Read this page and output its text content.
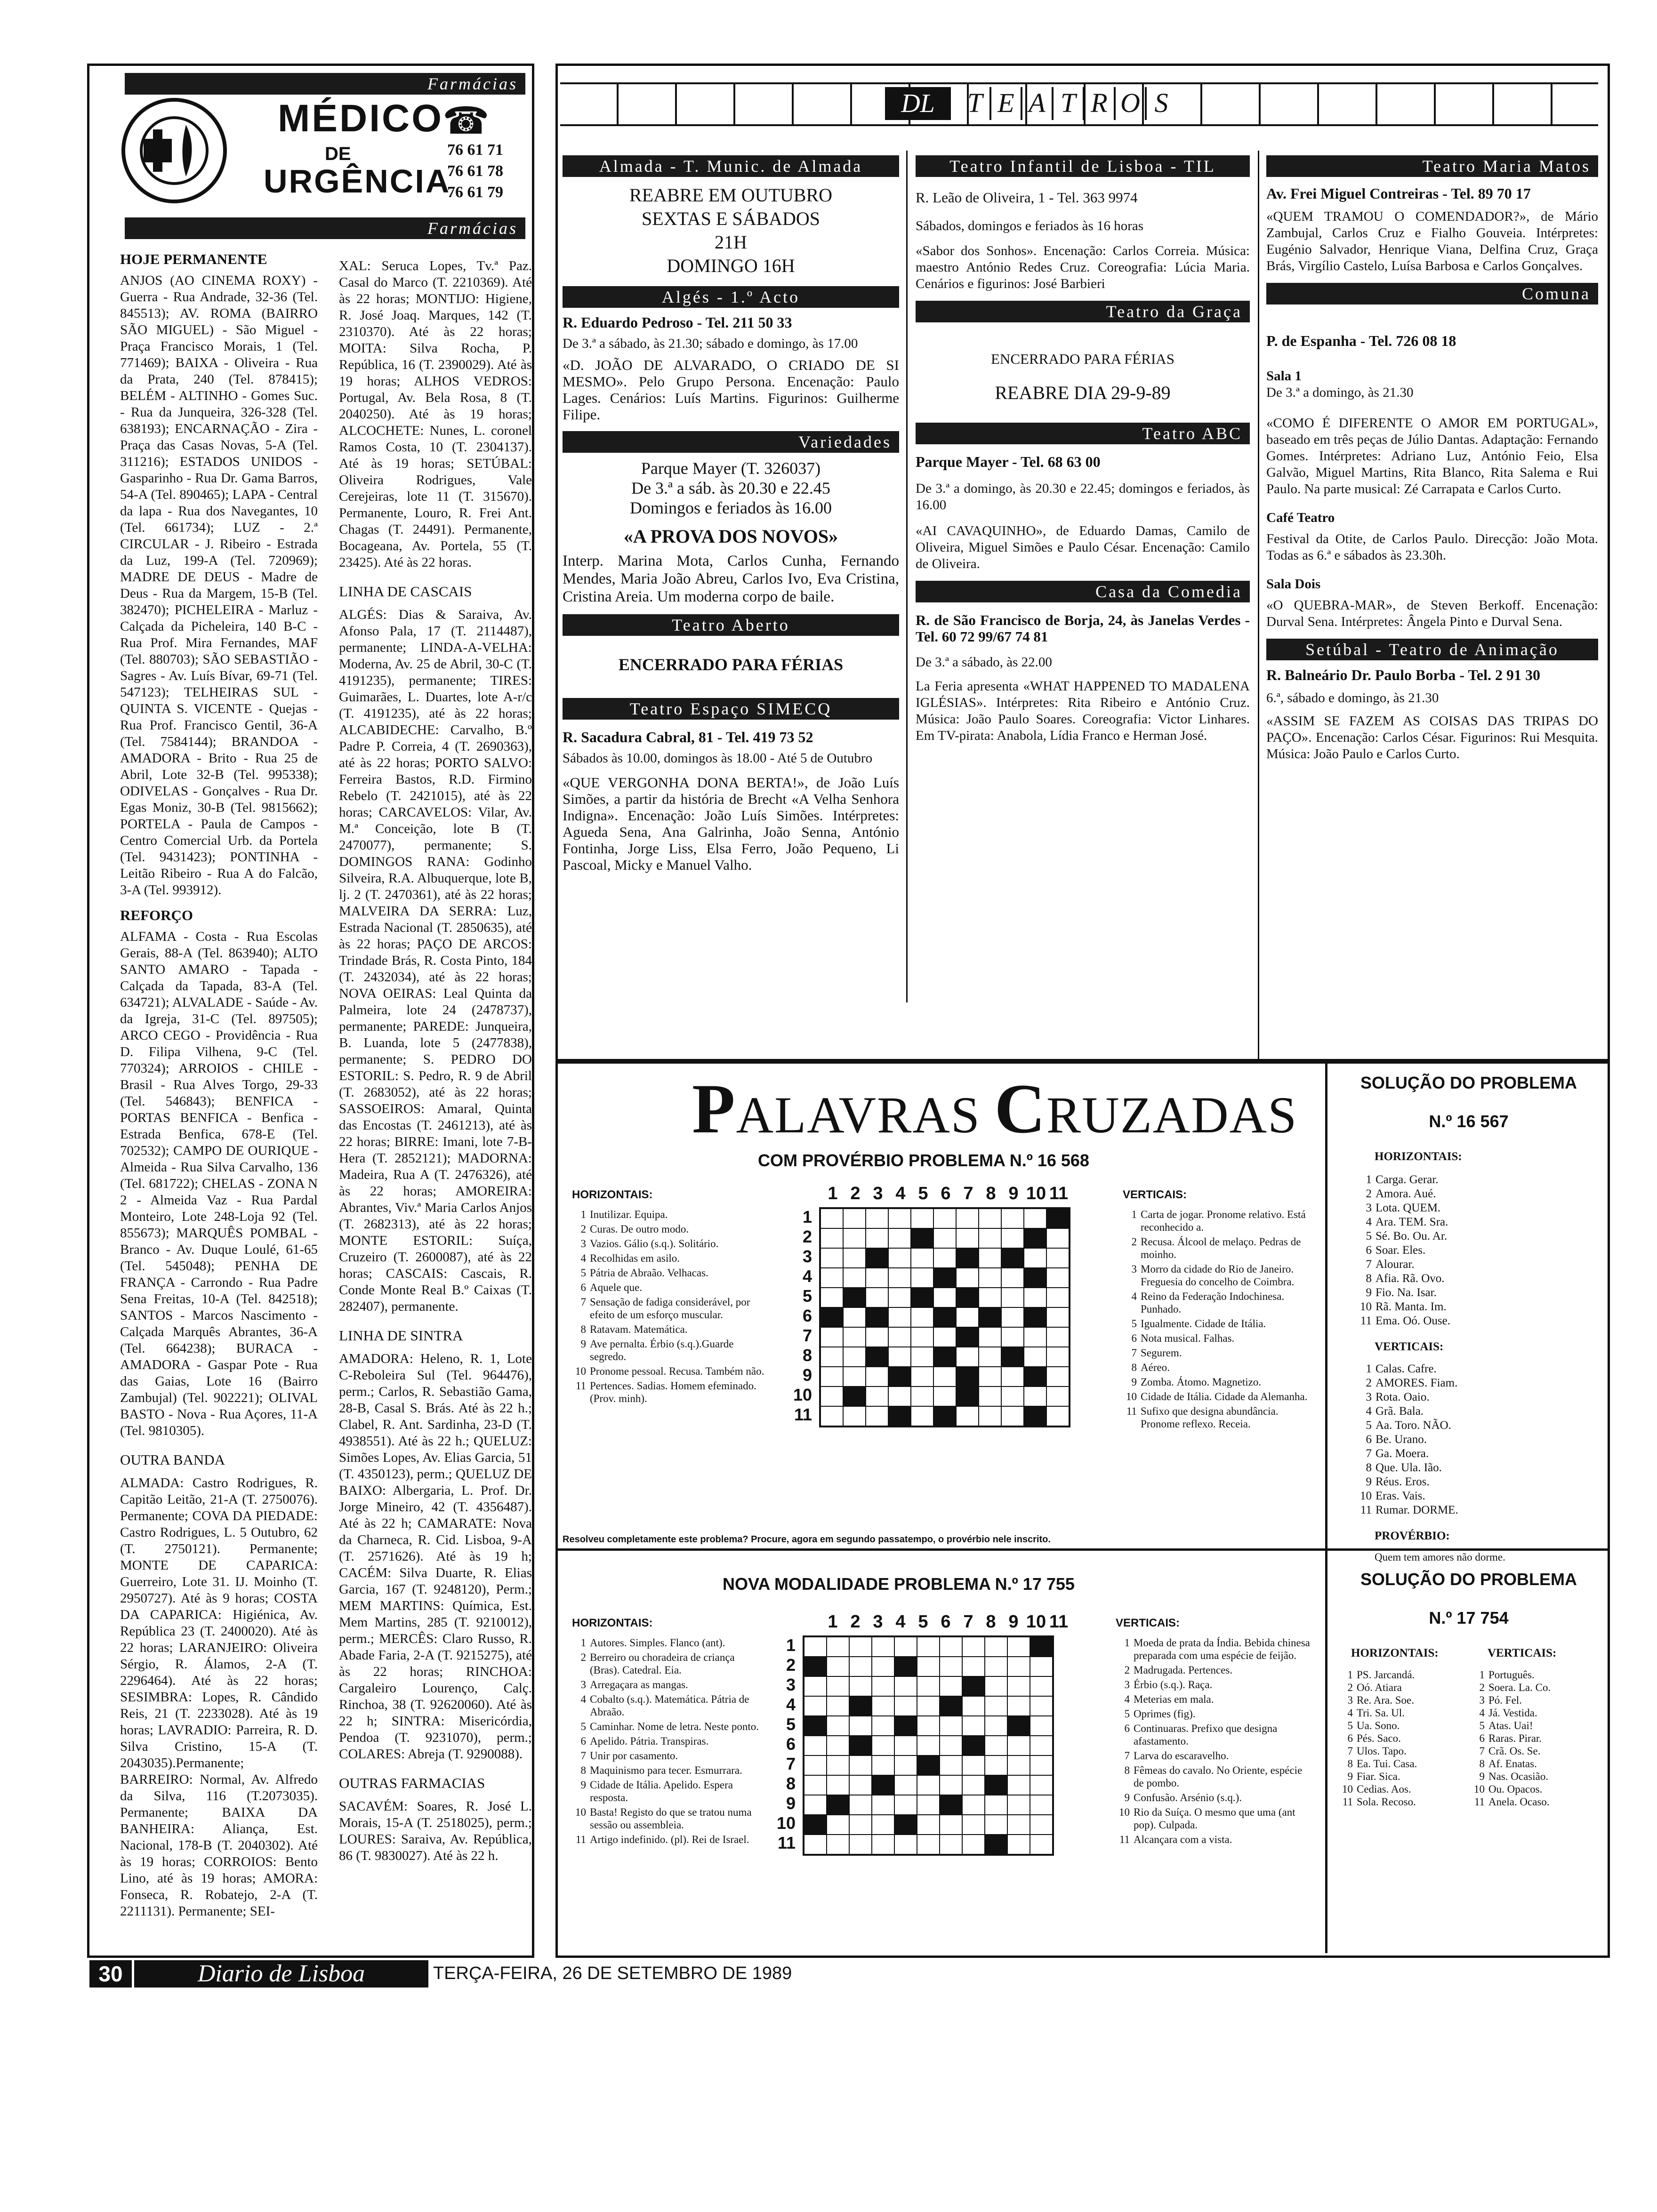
Farmácias
MÉDICO
☎
DE
URGÊNCIA
76 61 71
76 61 78
76 61 79
Farmácias
HOJE PERMANENTE

ANJOS (AO CINEMA ROXY) - Guerra - Rua Andrade, 32-36 (Tel. 845513); AV. ROMA (BAIRRO SÃO MIGUEL) - São Miguel - Praça Francisco Morais, 1 (Tel. 771469); BAIXA - Oliveira - Rua da Prata, 240 (Tel. 878415); BELÉM - ALTINHO - Gomes Suc. - Rua da Junqueira, 326-328 (Tel. 638193); ENCARNAÇÃO - Zira - Praça das Casas Novas, 5-A (Tel. 311216); ESTADOS UNIDOS - Gasparinho - Rua Dr. Gama Barros, 54-A (Tel. 890465); LAPA - Central da lapa - Rua dos Navegantes, 10 (Tel. 661734); LUZ - 2.ª CIRCULAR - J. Ribeiro - Estrada da Luz, 199-A (Tel. 720969); MADRE DE DEUS - Madre de Deus - Rua da Margem, 15-B (Tel. 382470); PICHELEIRA - Marluz - Calçada da Picheleira, 140 B-C - Rua Prof. Mira Fernandes, MAF (Tel. 880703); SÃO SEBASTIÃO - Sagres - Av. Luís Bívar, 69-71 (Tel. 547123); TELHEIRAS SUL - QUINTA S. VICENTE - Quejas - Rua Prof. Francisco Gentil, 36-A (Tel. 7584144); BRANDOA - AMADORA - Brito - Rua 25 de Abril, Lote 32-B (Tel. 995338); ODIVELAS - Gonçalves - Rua Dr. Egas Moniz, 30-B (Tel. 9815662); PORTELA - Paula de Campos - Centro Comercial Urb. da Portela (Tel. 9431423); PONTINHA - Leitão Ribeiro - Rua A do Falcão, 3-A (Tel. 993912).

REFORÇO

ALFAMA - Costa - Rua Escolas Gerais, 88-A (Tel. 863940); ALTO SANTO AMARO - Tapada - Calçada da Tapada, 83-A (Tel. 634721); ALVALADE - Saúde - Av. da Igreja, 31-C (Tel. 897505); ARCO CEGO - Providência - Rua D. Filipa Vilhena, 9-C (Tel. 770324); ARROIOS - CHILE - Brasil - Rua Alves Torgo, 29-33 (Tel. 546843); BENFICA - PORTAS BENFICA - Benfica - Estrada Benfica, 678-E (Tel. 702532); CAMPO DE OURIQUE - Almeida - Rua Silva Carvalho, 136 (Tel. 681722); CHELAS - ZONA N 2 - Almeida Vaz - Rua Pardal Monteiro, Lote 248-Loja 92 (Tel. 855673); MARQUÊS POMBAL - Branco - Av. Duque Loulé, 61-65 (Tel. 545048); PENHA DE FRANÇA - Carrondo - Rua Padre Sena Freitas, 10-A (Tel. 842518); SANTOS - Marcos Nascimento - Calçada Marquês Abrantes, 36-A (Tel. 664238); BURACA - AMADORA - Gaspar Pote - Rua das Gaias, Lote 16 (Bairro Zambujal) (Tel. 902221); OLIVAL BASTO - Nova - Rua Açores, 11-A (Tel. 9810305).

OUTRA BANDA

ALMADA: Castro Rodrigues, R. Capitão Leitão, 21-A (T. 2750076). Permanente; COVA DA PIEDADE: Castro Rodrigues, L. 5 Outubro, 62 (T. 2750121). Permanente; MONTE DE CAPARICA: Guerreiro, Lote 31. IJ. Moinho (T. 2950727). Até às 9 horas; COSTA DA CAPARICA: Higiénica, Av. República 23 (T. 2400020). Até às 22 horas; LARANJEIRO: Oliveira Sérgio, R. Álamos, 2-A (T. 2296464). Até às 22 horas; SESIMBRA: Lopes, R. Cândido Reis, 21 (T. 2233028). Até às 19 horas; LAVRADIO: Parreira, R. D. Silva Cristino, 15-A (T. 2043035).Permanente; BARREIRO: Normal, Av. Alfredo da Silva, 116 (T.2073035). Permanente; BAIXA DA BANHEIRA: Aliança, Est. Nacional, 178-B (T. 2040302). Até às 19 horas; CORROIOS: Bento Lino, até às 19 horas; AMORA: Fonseca, R. Robatejo, 2-A (T. 2211131). Permanente; SEI-

XAL: Seruca Lopes, Tv.ª Paz. Casal do Marco (T. 2210369). Até às 22 horas; MONTIJO: Higiene, R. José Joaq. Marques, 142 (T. 2310370). Até às 22 horas; MOITA: Silva Rocha, P. República, 16 (T. 2390029). Até às 19 horas; ALHOS VEDROS: Portugal, Av. Bela Rosa, 8 (T. 2040250). Até às 19 horas; ALCOCHETE: Nunes, L. coronel Ramos Costa, 10 (T. 2304137). Até às 19 horas; SETÚBAL: Oliveira Rodrigues, Vale Cerejeiras, lote 11 (T. 315670). Permanente, Louro, R. Frei Ant. Chagas (T. 24491). Permanente, Bocageana, Av. Portela, 55 (T. 23425). Até às 22 horas.

LINHA DE CASCAIS

ALGÉS: Dias & Saraiva, Av. Afonso Pala, 17 (T. 2114487), permanente; LINDA-A-VELHA: Moderna, Av. 25 de Abril, 30-C (T. 4191235), permanente; TIRES: Guimarães, L. Duartes, lote A-r/c (T. 4191235), até às 22 horas; ALCABIDECHE: Carvalho, B.º Padre P. Correia, 4 (T. 2690363), até às 22 horas; PORTO SALVO: Ferreira Bastos, R.D. Firmino Rebelo (T. 2421015), até às 22 horas; CARCAVELOS: Vilar, Av. M.ª Conceição, lote B (T. 2470077), permanente; S. DOMINGOS RANA: Godinho Silveira, R.A. Albuquerque, lote B, lj. 2 (T. 2470361), até às 22 horas; MALVEIRA DA SERRA: Luz, Estrada Nacional (T. 2850635), até às 22 horas; PAÇO DE ARCOS: Trindade Brás, R. Costa Pinto, 184 (T. 2432034), até às 22 horas; NOVA OEIRAS: Leal Quinta da Palmeira, lote 24 (2478737), permanente; PAREDE: Junqueira, B. Luanda, lote 5 (2477838), permanente; S. PEDRO DO ESTORIL: S. Pedro, R. 9 de Abril (T. 2683052), até às 22 horas; SASSOEIROS: Amaral, Quinta das Encostas (T. 2461213), até às 22 horas; BIRRE: Imani, lote 7-B-Hera (T. 2852121); MADORNA: Madeira, Rua A (T. 2476326), até às 22 horas; AMOREIRA: Abrantes, Viv.ª Maria Carlos Anjos (T. 2682313), até às 22 horas; MONTE ESTORIL: Suíça, Cruzeiro (T. 2600087), até às 22 horas; CASCAIS: Cascais, R. Conde Monte Real B.º Caixas (T. 282407), permanente.

LINHA DE SINTRA

AMADORA: Heleno, R. 1, Lote C-Reboleira Sul (Tel. 964476), perm.; Carlos, R. Sebastião Gama, 28-B, Casal S. Brás. Até às 22 h.; Clabel, R. Ant. Sardinha, 23-D (T. 4938551). Até às 22 h.; QUELUZ: Simões Lopes, Av. Elias Garcia, 51 (T. 4350123), perm.; QUELUZ DE BAIXO: Albergaria, L. Prof. Dr. Jorge Mineiro, 42 (T. 4356487). Até às 22 h; CAMARATE: Nova da Charneca, R. Cid. Lisboa, 9-A (T. 2571626). Até às 19 h; CACÉM: Silva Duarte, R. Elias Garcia, 167 (T. 9248120), Perm.; MEM MARTINS: Química, Est. Mem Martins, 285 (T. 9210012), perm.; MERCÊS: Claro Russo, R. Abade Faria, 2-A (T. 9215275), até às 22 horas; RINCHOA: Cargaleiro Lourenço, Calç. Rinchoa, 38 (T. 92620060). Até às 22 h; SINTRA: Misericórdia, Pendoa (T. 9231070), perm.; COLARES: Abreja (T. 9290088).

OUTRAS FARMACIAS

SACAVÉM: Soares, R. José L. Morais, 15-A (T. 2518025), perm.; LOURES: Saraiva, Av. República, 86 (T. 9830027). Até às 22 h.

DL	T E A T R O S
Almada - T. Munic. de Almada
REABRE EM OUTUBRO
SEXTAS E SÁBADOS
21H
DOMINGO 16H
Algés - 1.º Acto

R. Eduardo Pedroso - Tel. 211 50 33

De 3.ª a sábado, às 21.30; sábado e domingo, às 17.00

«D. JOÃO DE ALVARADO, O CRIADO DE SI MESMO». Pelo Grupo Persona. Encenação: Paulo Lages. Cenários: Luís Martins. Figurinos: Guilherme Filipe.

Variedades
Parque Mayer (T. 326037)
De 3.ª a sáb. às 20.30 e 22.45
Domingos e feriados às 16.00
«A PROVA DOS NOVOS»

Interp. Marina Mota, Carlos Cunha, Fernando Mendes, Maria João Abreu, Carlos Ivo, Eva Cristina, Cristina Areia. Um moderna corpo de baile.

Teatro Aberto
ENCERRADO PARA FÉRIAS
Teatro Espaço SIMECQ

R. Sacadura Cabral, 81 - Tel. 419 73 52

Sábados às 10.00, domingos às 18.00 - Até 5 de Outubro

«QUE VERGONHA DONA BERTA!», de João Luís Simões, a partir da história de Brecht «A Velha Senhora Indigna». Encenação: João Luís Simões. Intérpretes: Agueda Sena, Ana Galrinha, João Senna, António Fontinha, Jorge Liss, Elsa Ferro, João Pequeno, Li Pascoal, Micky e Manuel Valho.

Teatro Infantil de Lisboa - TIL

R. Leão de Oliveira, 1 - Tel. 363 9974

Sábados, domingos e feriados às 16 horas

«Sabor dos Sonhos». Encenação: Carlos Correia. Música: maestro António Redes Cruz. Coreografia: Lúcia Maria. Cenários e figurinos: José Barbieri

Teatro da Graça
ENCERRADO PARA FÉRIAS
REABRE DIA 29-9-89
Teatro ABC

Parque Mayer - Tel. 68 63 00

De 3.ª a domingo, às 20.30 e 22.45; domingos e feriados, às 16.00

«AI CAVAQUINHO», de Eduardo Damas, Camilo de Oliveira, Miguel Simões e Paulo César. Encenação: Camilo de Oliveira.

Casa da Comedia

R. de São Francisco de Borja, 24, às Janelas Verdes - Tel. 60 72 99/67 74 81

De 3.ª a sábado, às 22.00

La Feria apresenta «WHAT HAPPENED TO MADALENA IGLÉSIAS». Intérpretes: Rita Ribeiro e António Cruz. Música: João Paulo Soares. Coreografia: Victor Linhares. Em TV-pirata: Anabola, Lídia Franco e Herman José.

Teatro Maria Matos

Av. Frei Miguel Contreiras - Tel. 89 70 17

«QUEM TRAMOU O COMENDADOR?», de Mário Zambujal, Carlos Cruz e Fialho Gouveia. Intérpretes: Eugénio Salvador, Henrique Viana, Delfina Cruz, Graça Brás, Virgílio Castelo, Luísa Barbosa e Carlos Gonçalves.

Comuna

P. de Espanha - Tel. 726 08 18

Sala 1

De 3.ª a domingo, às 21.30

«COMO É DIFERENTE O AMOR EM PORTUGAL», baseado em três peças de Júlio Dantas. Adaptação: Fernando Gomes. Intérpretes: Adriano Luz, António Feio, Elsa Galvão, Miguel Martins, Rita Blanco, Rita Salema e Rui Paulo. Na parte musical: Zé Carrapata e Carlos Curto.

Café Teatro

Festival da Otite, de Carlos Paulo. Direcção: João Mota. Todas as 6.ª e sábados às 23.30h.

Sala Dois

«O QUEBRA-MAR», de Steven Berkoff. Encenação: Durval Sena. Intérpretes: Ângela Pinto e Durval Sena.

Setúbal - Teatro de Animação

R. Balneário Dr. Paulo Borba - Tel. 2 91 30

6.ª, sábado e domingo, às 21.30

«ASSIM SE FAZEM AS COISAS DAS TRIPAS DO PAÇO». Encenação: Carlos César. Figurinos: Rui Mesquita. Música: João Paulo e Carlos Curto.

PALAVRAS CRUZADAS
COM PROVÉRBIO PROBLEMA N.º 16 568
HORIZONTAIS:
1 Inutilizar. Equipa.
2 Curas. De outro modo.
3 Vazios. Gálio (s.q.). Solitário.
4 Recolhidas em asilo.
5 Pátria de Abraão. Velhacas.
6 Aquele que.
7 Sensação de fadiga considerável, por efeito de um esforço muscular.
8 Ratavam. Matemática.
9 Ave pernalta. Érbio (s.q.).Guarde segredo.
10 Pronome pessoal. Recusa. Também não.
11 Pertences. Sadias. Homem efeminado. (Prov. minh).
1 2 3 4 5 6 7 8 9 10 11
1
2
3
4
5
6
7
8
9
10
11
VERTICAIS:
1 Carta de jogar. Pronome relativo. Está reconhecido a.
2 Recusa. Álcool de melaço. Pedras de moinho.
3 Morro da cidade do Rio de Janeiro. Freguesia do concelho de Coimbra.
4 Reino da Federação Indochinesa. Punhado.
5 Igualmente. Cidade de Itália.
6 Nota musical. Falhas.
7 Segurem.
8 Aéreo.
9 Zomba. Átomo. Magnetizo.
10 Cidade de Itália. Cidade da Alemanha.
11 Sufixo que designa abundância. Pronome reflexo. Receia.
Resolveu completamente este problema? Procure, agora em segundo passatempo, o provérbio nele inscrito.
SOLUÇÃO DO PROBLEMA
N.º 16 567
HORIZONTAIS:
1 Carga. Gerar.
2 Amora. Aué.
3 Lota. QUEM.
4 Ara. TEM. Sra.
5 Sé. Bo. Ou. Ar.
6 Soar. Eles.
7 Alourar.
8 Afia. Rã. Ovo.
9 Fio. Na. Isar.
10 Rã. Manta. Im.
11 Ema. Oó. Ouse.
VERTICAIS:
1 Calas. Cafre.
2 AMORES. Fiam.
3 Rota. Oaio.
4 Grã. Bala.
5 Aa. Toro. NÃO.
6 Be. Urano.
7 Ga. Moera.
8 Que. Ula. Ião.
9 Réus. Eros.
10 Eras. Vais.
11 Rumar. DORME.
PROVÉRBIO:
Quem tem amores não dorme.
NOVA MODALIDADE PROBLEMA N.º 17 755
HORIZONTAIS:
1 Autores. Simples. Flanco (ant).
2 Berreiro ou choradeira de criança (Bras). Catedral. Eia.
3 Arregaçara as mangas.
4 Cobalto (s.q.). Matemática. Pátria de Abraão.
5 Caminhar. Nome de letra. Neste ponto.
6 Apelido. Pátria. Transpiras.
7 Unir por casamento.
8 Maquinismo para tecer. Esmurrara.
9 Cidade de Itália. Apelido. Espera resposta.
10 Basta! Registo do que se tratou numa sessão ou assembleia.
11 Artigo indefinido. (pl). Rei de Israel.
1 2 3 4 5 6 7 8 9 10 11
1
2
3
4
5
6
7
8
9
10
11
VERTICAIS:
1 Moeda de prata da Índia. Bebida chinesa preparada com uma espécie de feijão.
2 Madrugada. Pertences.
3 Érbio (s.q.). Raça.
4 Meterias em mala.
5 Oprimes (fig).
6 Continuaras. Prefixo que designa afastamento.
7 Larva do escaravelho.
8 Fêmeas do cavalo. No Oriente, espécie de pombo.
9 Confusão. Arsénio (s.q.).
10 Rio da Suíça. O mesmo que uma (ant pop). Culpada.
11 Alcançara com a vista.
SOLUÇÃO DO PROBLEMA
N.º 17 754
HORIZONTAIS:
1 PS. Jarcandá.
2 Oó. Atiara
3 Re. Ara. Soe.
4 Tri. Sa. Ul.
5 Ua. Sono.
6 Pés. Saco.
7 Ulos. Tapo.
8 Ea. Tui. Casa.
9 Fiar. Sica.
10 Cedias. Aos.
11 Sola. Recoso.
VERTICAIS:
1 Português.
2 Soera. La. Co.
3 Pó. Fel.
4 Já. Vestida.
5 Atas. Uai!
6 Raras. Pirar.
7 Crã. Os. Se.
8 Af. Enatas.
9 Nas. Ocasião.
10 Ou. Opacos.
11 Anela. Ocaso.
30	Diario de Lisboa	TERÇA-FEIRA, 26 DE SETEMBRO DE 1989
